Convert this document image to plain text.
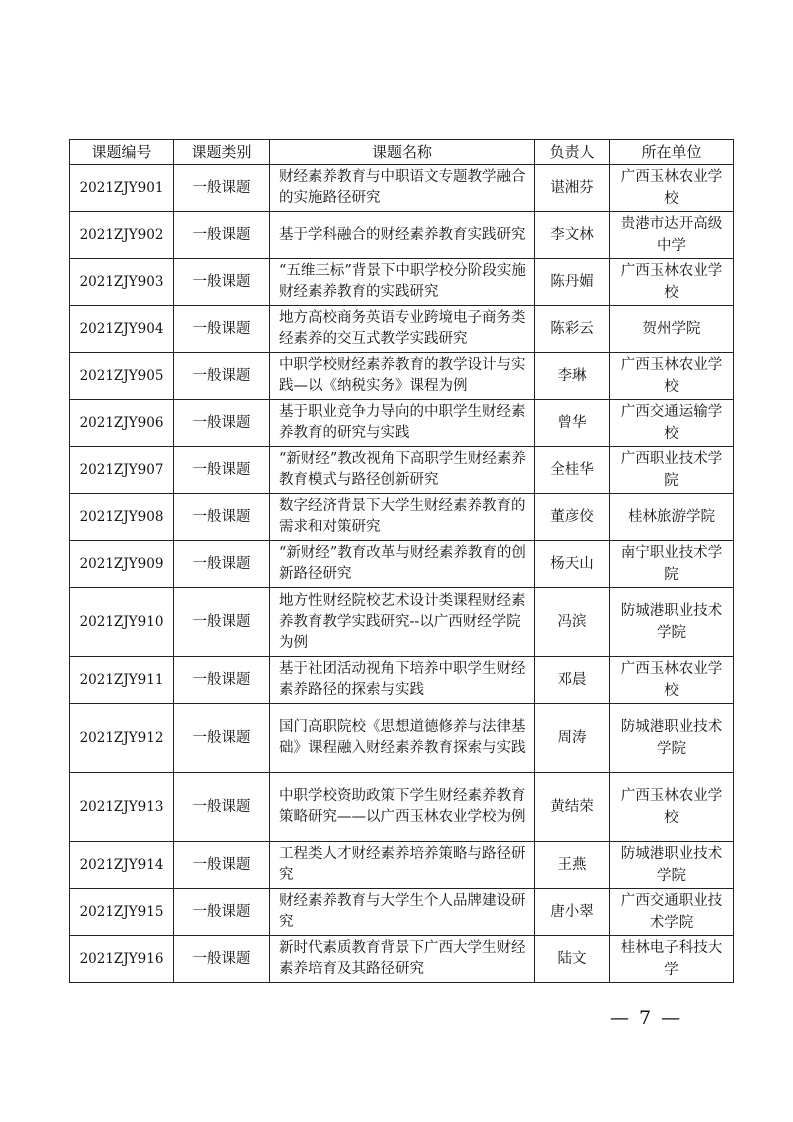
课题编号	课题类别	课题名称	负责人	所在单位
2021ZJY901	一般课题	财经素养教育与中职语文专题教学融合的实施路径研究	谌湘芬	广西玉林农业学校
2021ZJY902	一般课题	基于学科融合的财经素养教育实践研究	李文林	贵港市达开高级中学
2021ZJY903	一般课题	“五维三标”背景下中职学校分阶段实施财经素养教育的实践研究	陈丹媚	广西玉林农业学校
2021ZJY904	一般课题	地方高校商务英语专业跨境电子商务类经素养的交互式教学实践研究	陈彩云	贺州学院
2021ZJY905	一般课题	中职学校财经素养教育的教学设计与实践—以《纳税实务》课程为例	李琳	广西玉林农业学校
2021ZJY906	一般课题	基于职业竞争力导向的中职学生财经素养教育的研究与实践	曾华	广西交通运输学校
2021ZJY907	一般课题	“新财经”教改视角下高职学生财经素养教育模式与路径创新研究	全桂华	广西职业技术学院
2021ZJY908	一般课题	数字经济背景下大学生财经素养教育的需求和对策研究	董彦佼	桂林旅游学院
2021ZJY909	一般课题	“新财经”教育改革与财经素养教育的创新路径研究	杨天山	南宁职业技术学院
2021ZJY910	一般课题	地方性财经院校艺术设计类课程财经素养教育教学实践研究--以广西财经学院为例	冯滨	防城港职业技术学院
2021ZJY911	一般课题	基于社团活动视角下培养中职学生财经素养路径的探索与实践	邓晨	广西玉林农业学校
2021ZJY912	一般课题	国门高职院校《思想道德修养与法律基础》课程融入财经素养教育探索与实践	周涛	防城港职业技术学院
2021ZJY913	一般课题	中职学校资助政策下学生财经素养教育策略研究——以广西玉林农业学校为例	黄结荣	广西玉林农业学校
2021ZJY914	一般课题	工程类人才财经素养培养策略与路径研究	王燕	防城港职业技术学院
2021ZJY915	一般课题	财经素养教育与大学生个人品牌建设研究	唐小翠	广西交通职业技术学院
2021ZJY916	一般课题	新时代素质教育背景下广西大学生财经素养培育及其路径研究	陆文	桂林电子科技大学
— 7 —
